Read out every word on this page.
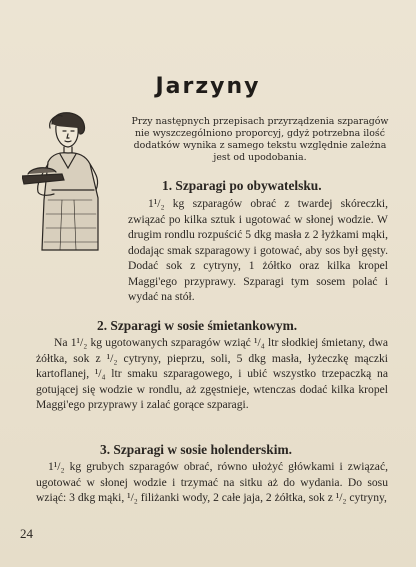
Jarzyny

Przy następnych przepisach przyrządzenia szparagów nie wyszczególniono proporcyj, gdyż potrzebna ilość dodatków wynika z samego tekstu względnie zależna jest od upodobania.

1. Szparagi po obywatelsku.

1¹/₂ kg szparagów obrać z twardej skóreczki, związać po kilka sztuk i ugotować w słonej wodzie. W drugim rondlu rozpuścić 5 dkg masła z 2 łyżkami mąki, dodając smak szparagowy i gotować, aby sos był gęsty. Dodać sok z cytryny, 1 żółtko oraz kilka kropel Maggi'ego przyprawy. Szparagi tym sosem polać i wydać na stół.

2. Szparagi w sosie śmietankowym.

Na 1¹/₂ kg ugotowanych szparagów wziąć ¹/₄ ltr słodkiej śmietany, dwa żółtka, sok z ¹/₂ cytryny, pieprzu, soli, 5 dkg masła, łyżeczkę mączki kartoflanej, ¹/₄ ltr smaku szparagowego, i ubić wszystko trzepaczką na gotującej się wodzie w rondlu, aż zgęstnieje, wtenczas dodać kilka kropel Maggi'ego przyprawy i zalać gorące szparagi.

3. Szparagi w sosie holenderskim.

1¹/₂ kg grubych szparagów obrać, równo ułożyć główkami i związać, ugotować w słonej wodzie i trzymać na sitku aż do wydania. Do sosu wziąć: 3 dkg mąki, ¹/₂ filiżanki wody, 2 całe jaja, 2 żółtka, sok z ¹/₂ cytryny,

24
